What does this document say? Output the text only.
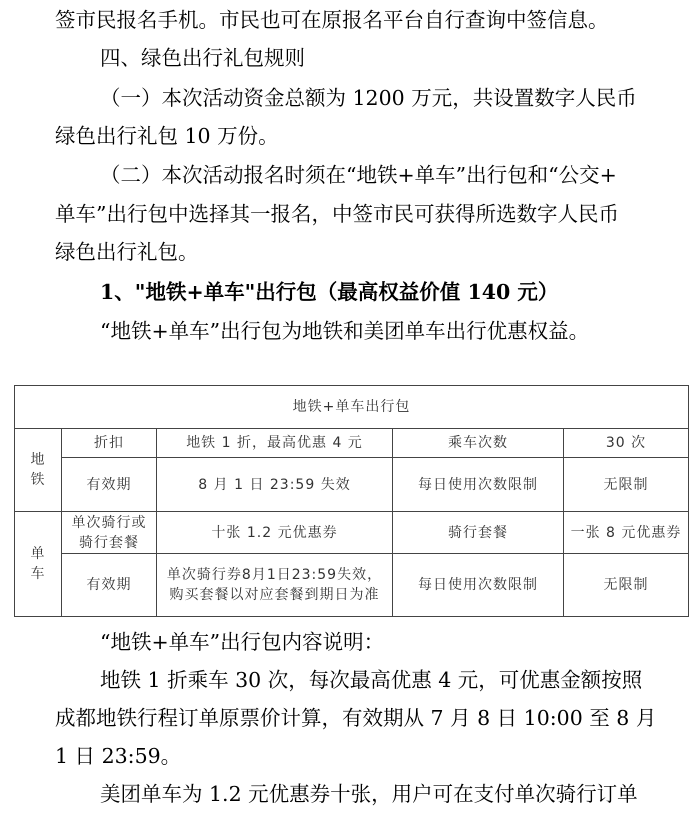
签市民报名手机。市民也可在原报名平台自行查询中签信息。
四、绿色出行礼包规则
（一）本次活动资金总额为 1200 万元，共设置数字人民币
绿色出行礼包 10 万份。
（二）本次活动报名时须在“地铁+单车”出行包和“公交+
单车”出行包中选择其一报名，中签市民可获得所选数字人民币
绿色出行礼包。
1、"地铁+单车"出行包（最高权益价值 140 元）
“地铁+单车”出行包为地铁和美团单车出行优惠权益。
地铁+单车出行包				

地
铁	折扣	地铁 1 折，最高优惠 4 元	乘车次数	30 次
	有效期	8 月 1 日 23:59 失效	每日使用次数限制	无限制

单
车	单次骑行或骑行套餐	十张 1.2 元优惠券	骑行套餐	一张 8 元优惠券
	有效期	单次骑行券8月1日23:59失效，购买套餐以对应套餐到期日为准	每日使用次数限制	无限制
“地铁+单车”出行包内容说明：
地铁 1 折乘车 30 次，每次最高优惠 4 元，可优惠金额按照
成都地铁行程订单原票价计算，有效期从 7 月 8 日 10:00 至 8 月
1 日 23:59。
美团单车为 1.2 元优惠券十张，用户可在支付单次骑行订单
